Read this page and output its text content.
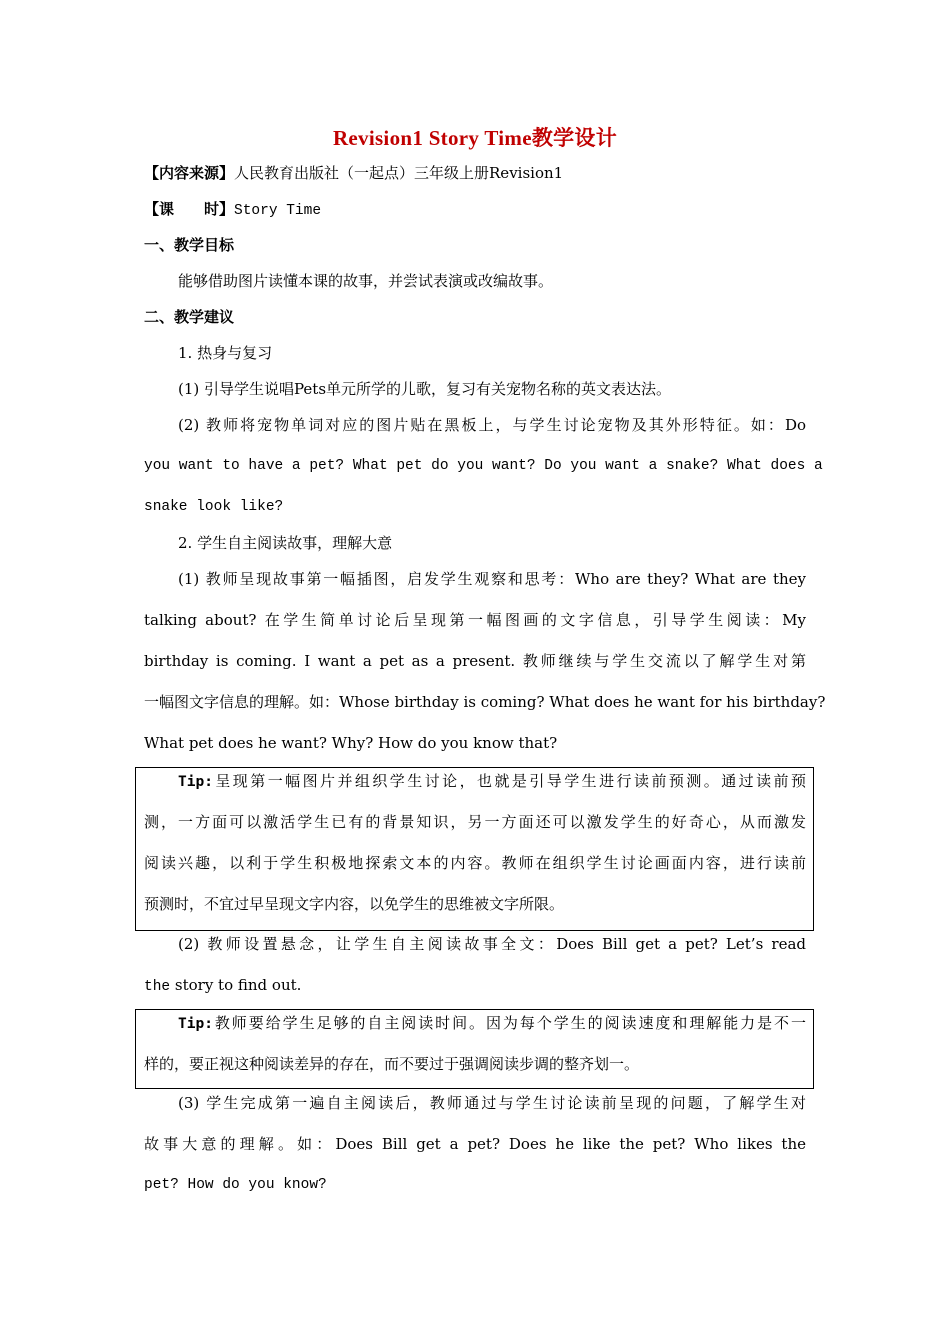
Revision1 Story Time教学设计
【内容来源】人民教育出版社（一起点）三年级上册Revision1
【课　　时】Story Time
一、教学目标
能够借助图片读懂本课的故事，并尝试表演或改编故事。
二、教学建议
1. 热身与复习
(1) 引导学生说唱Pets单元所学的儿歌，复习有关宠物名称的英文表达法。
(2) 教师将宠物单词对应的图片贴在黑板上，与学生讨论宠物及其外形特征。如：Do
you want to have a pet? What pet do you want? Do you want a snake? What does a
snake look like?
2. 学生自主阅读故事，理解大意
(1) 教师呈现故事第一幅插图，启发学生观察和思考：Who are they? What are they
talking about? 在学生简单讨论后呈现第一幅图画的文字信息，引导学生阅读：My
birthday is coming. I want a pet as a present. 教师继续与学生交流以了解学生对第
一幅图文字信息的理解。如：Whose birthday is coming? What does he want for his birthday?
What pet does he want? Why? How do you know that?
Tip:呈现第一幅图片并组织学生讨论，也就是引导学生进行读前预测。通过读前预
测，一方面可以激活学生已有的背景知识，另一方面还可以激发学生的好奇心，从而激发
阅读兴趣，以利于学生积极地探索文本的内容。教师在组织学生讨论画面内容，进行读前
预测时，不宜过早呈现文字内容，以免学生的思维被文字所限。
(2) 教师设置悬念，让学生自主阅读故事全文：Does Bill get a pet? Let’s read
the story to find out.
Tip:教师要给学生足够的自主阅读时间。因为每个学生的阅读速度和理解能力是不一
样的，要正视这种阅读差异的存在，而不要过于强调阅读步调的整齐划一。
(3) 学生完成第一遍自主阅读后，教师通过与学生讨论读前呈现的问题，了解学生对
故事大意的理解。如：Does Bill get a pet? Does he like the pet? Who likes the
pet? How do you know?
